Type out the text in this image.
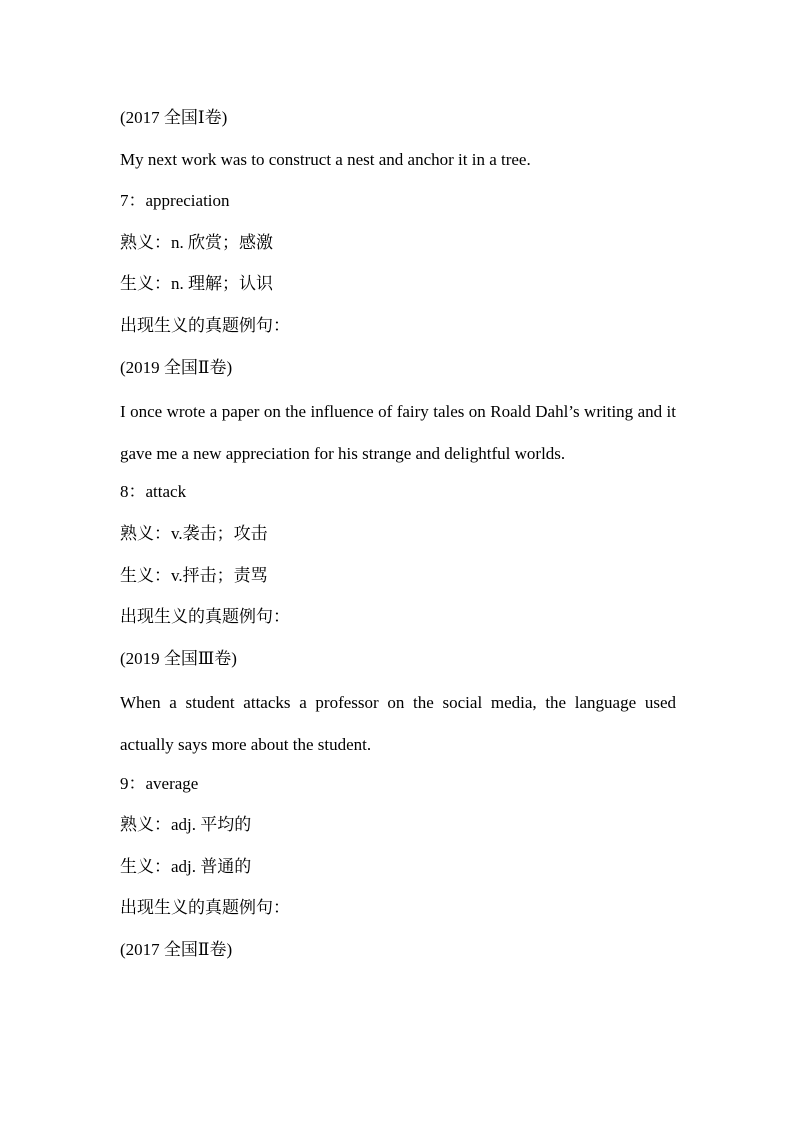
(2017 全国Ⅰ卷)
My next work was to construct a nest and anchor it in a tree.
7：appreciation
熟义：n. 欣赏；感激
生义：n. 理解；认识
出现生义的真题例句：
(2019 全国Ⅱ卷)
I once wrote a paper on the influence of fairy tales on Roald Dahl’s writing and it gave me a new appreciation for his strange and delightful worlds.
8：attack
熟义：v.袭击；攻击
生义：v.抨击；责骂
出现生义的真题例句：
(2019 全国Ⅲ卷)
When a student attacks a professor on the social media, the language used actually says more about the student.
9：average
熟义：adj. 平均的
生义：adj. 普通的
出现生义的真题例句：
(2017 全国Ⅱ卷)
